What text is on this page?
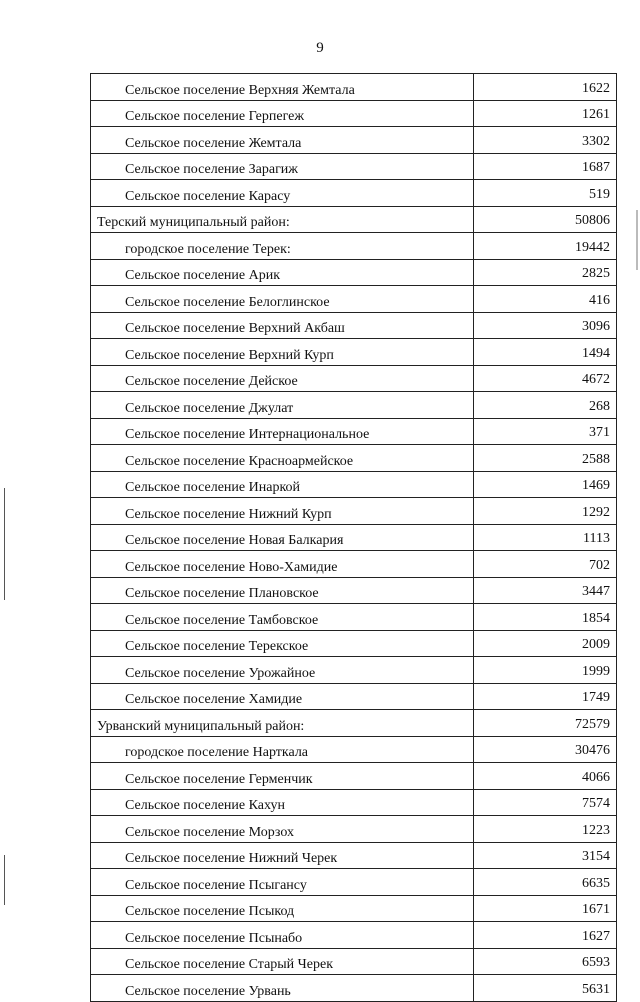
9
Сельское поселение Верхняя Жемтала	1622
Сельское поселение Герпегеж	1261
Сельское поселение Жемтала	3302
Сельское поселение Зарагиж	1687
Сельское поселение Карасу	519
Терский муниципальный район:	50806
городское поселение Терек:	19442
Сельское поселение Арик	2825
Сельское поселение Белоглинское	416
Сельское поселение Верхний Акбаш	3096
Сельское поселение Верхний Курп	1494
Сельское поселение Дейское	4672
Сельское поселение Джулат	268
Сельское поселение Интернациональное	371
Сельское поселение Красноармейское	2588
Сельское поселение Инаркой	1469
Сельское поселение Нижний Курп	1292
Сельское поселение Новая Балкария	1113
Сельское поселение Ново-Хамидие	702
Сельское поселение Плановское	3447
Сельское поселение Тамбовское	1854
Сельское поселение Терекское	2009
Сельское поселение Урожайное	1999
Сельское поселение Хамидие	1749
Урванский муниципальный район:	72579
городское поселение Нарткала	30476
Сельское поселение Герменчик	4066
Сельское поселение Кахун	7574
Сельское поселение Морзох	1223
Сельское поселение Нижний Черек	3154
Сельское поселение Псыгансу	6635
Сельское поселение Псыкод	1671
Сельское поселение Псынабо	1627
Сельское поселение Старый Черек	6593
Сельское поселение Урвань	5631
